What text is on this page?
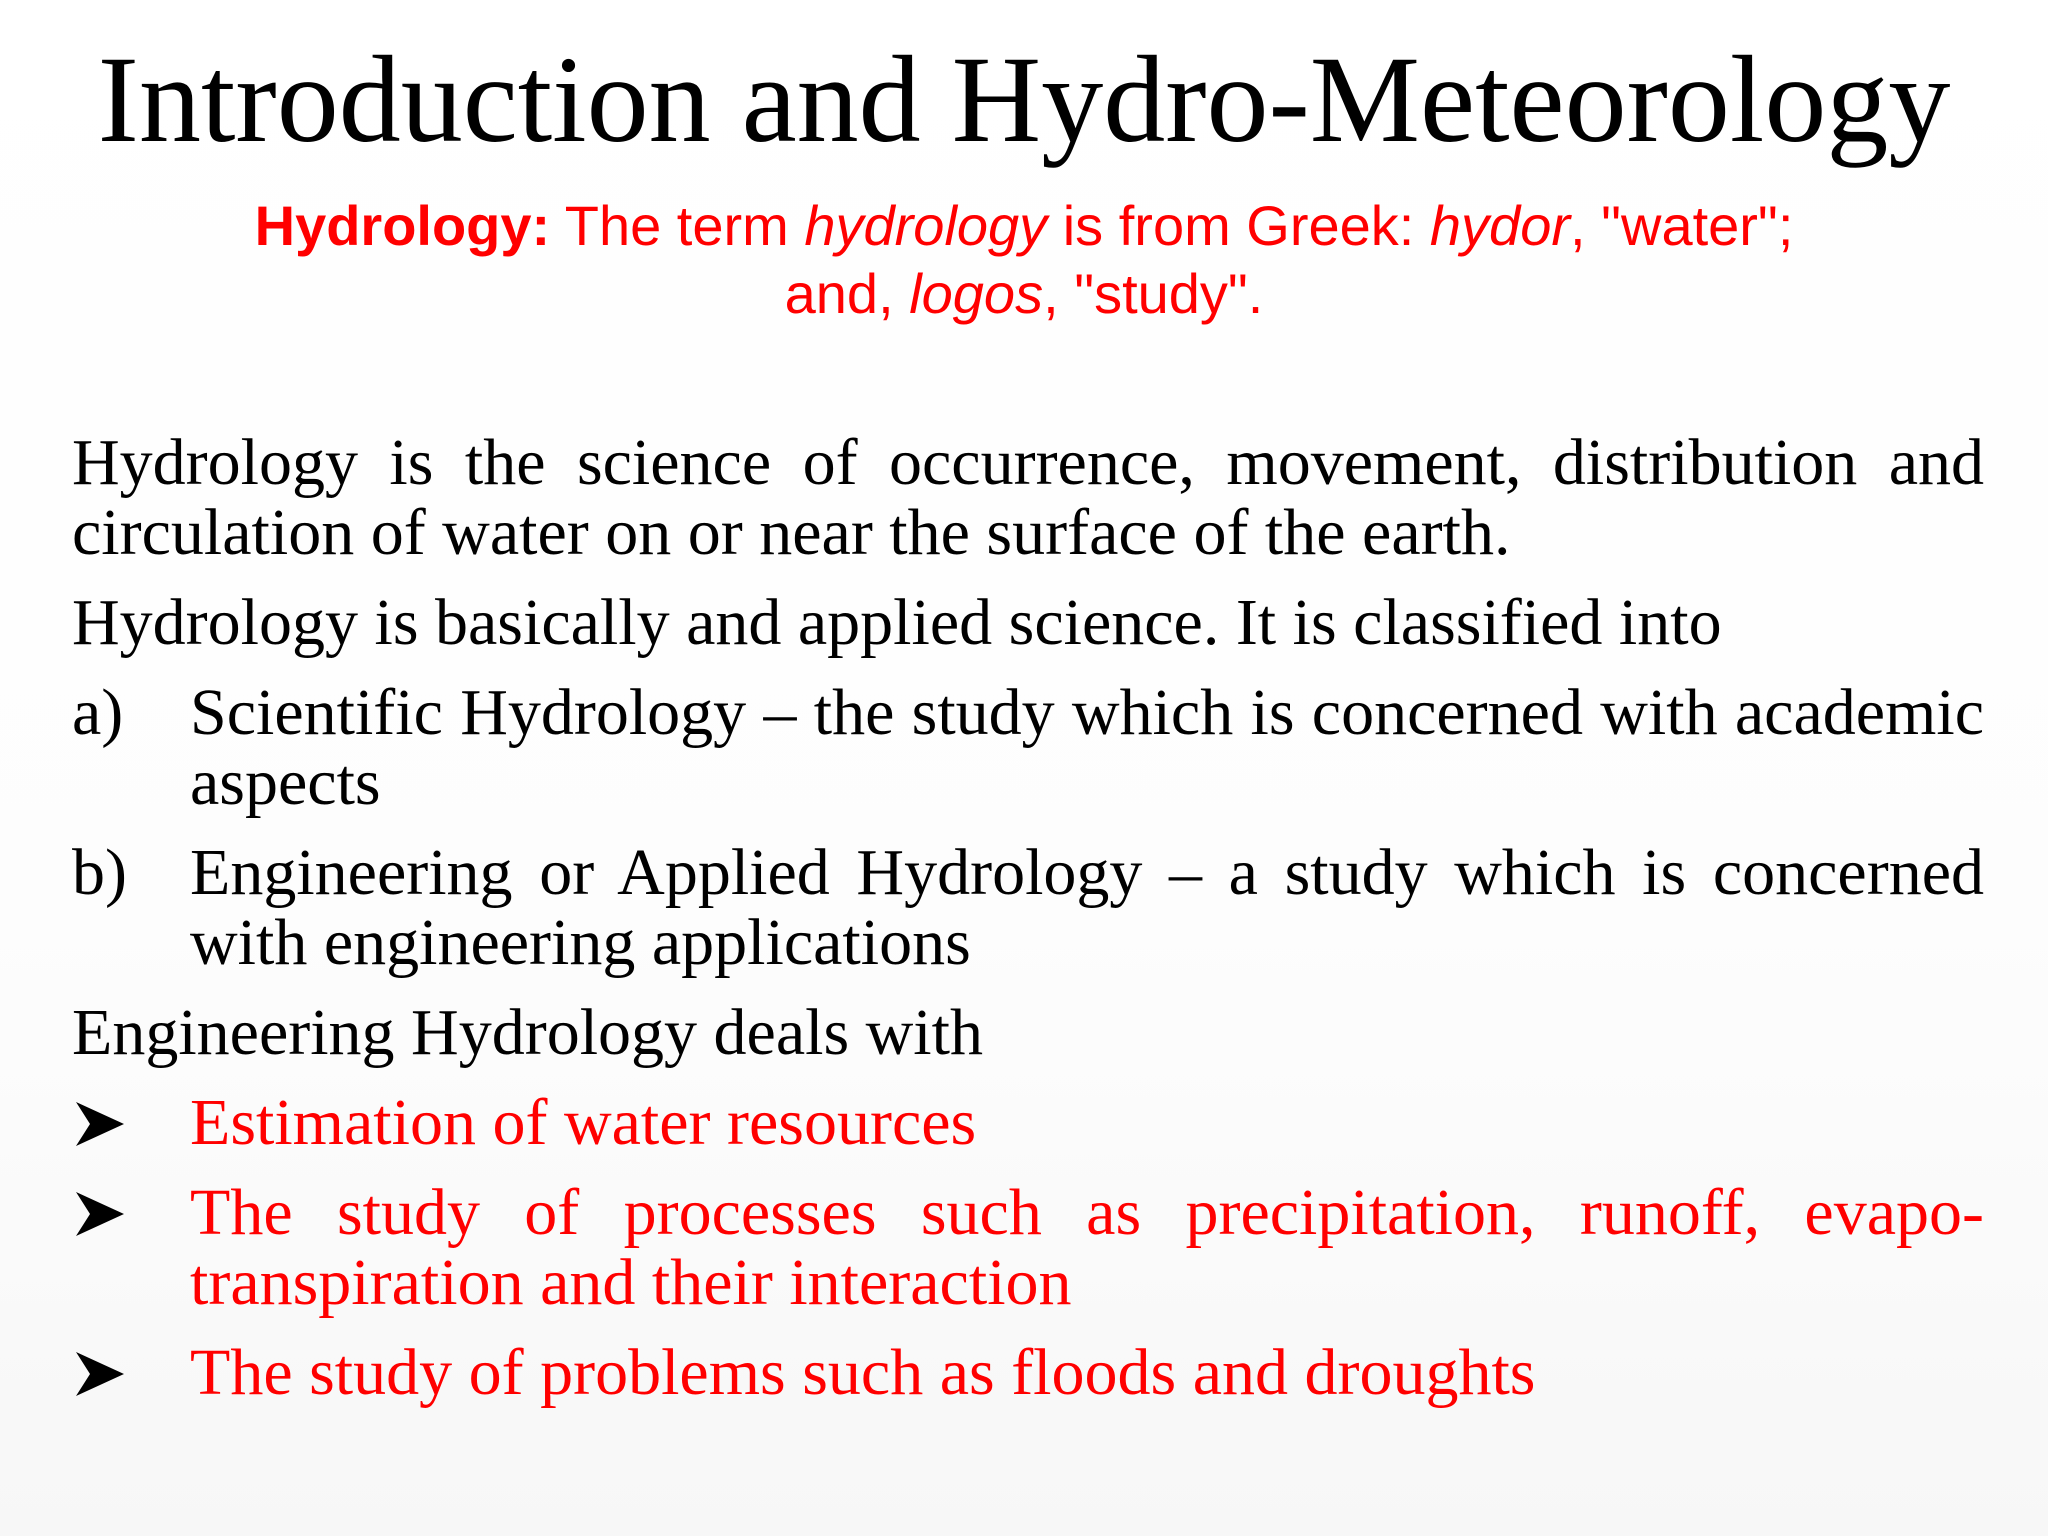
Introduction and Hydro-Meteorology
Hydrology: The term hydrology is from Greek: hydor, "water";
and, logos, "study".

Hydrology is the science of occurrence, movement, distribution and circulation of water on or near the surface of the earth.

Hydrology is basically and applied science. It is classified into

a) Scientific Hydrology – the study which is concerned with academic aspects
b) Engineering or Applied Hydrology – a study which is concerned with engineering applications

Engineering Hydrology deals with

Estimation of water resources
The study of processes such as precipitation, runoff, evapo-transpiration and their interaction
The study of problems such as floods and droughts
